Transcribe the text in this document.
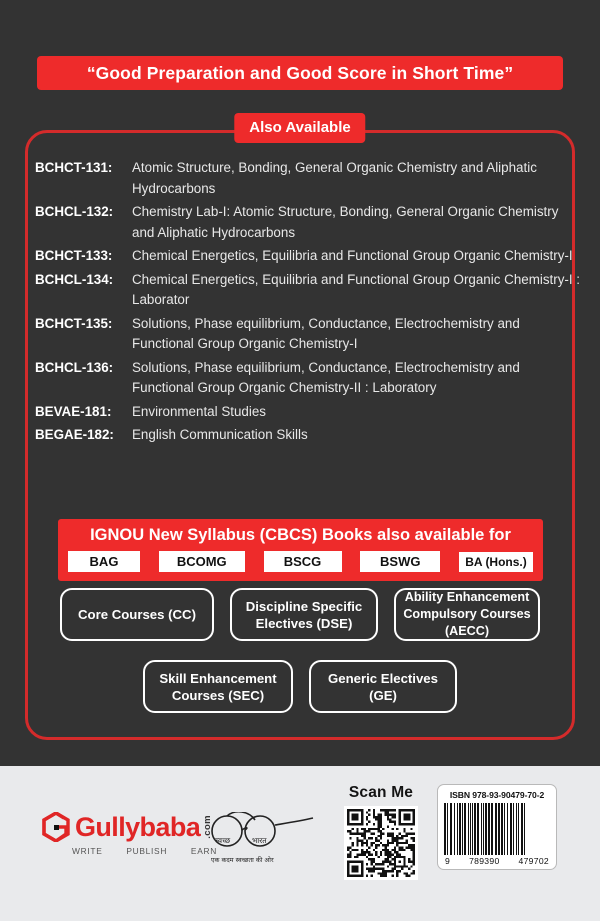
“Good Preparation and Good Score in Short Time”
Also Available
BCHCT-131:	Atomic Structure, Bonding, General Organic Chemistry and Aliphatic Hydrocarbons
BCHCL-132:	Chemistry Lab-I: Atomic Structure, Bonding, General Organic Chemistry and Aliphatic Hydrocarbons
BCHCT-133:	Chemical Energetics, Equilibria and Functional Group Organic Chemistry-I
BCHCL-134:	Chemical Energetics, Equilibria and Functional Group Organic Chemistry-I : Laborator
BCHCT-135:	Solutions, Phase equilibrium, Conductance, Electrochemistry and Functional Group Organic Chemistry-I
BCHCL-136:	Solutions, Phase equilibrium, Conductance, Electrochemistry and Functional Group Organic Chemistry-II : Laboratory
BEVAE-181:	Environmental Studies
BEGAE-182:	English Communication Skills
IGNOU New Syllabus (CBCS) Books also available for
BAG	BCOMG	BSCG	BSWG	BA (Hons.)
Core Courses (CC)
Discipline Specific Electives (DSE)
Ability Enhancement Compulsory Courses (AECC)
Skill Enhancement Courses (SEC)
Generic Electives (GE)
Gullybaba .com
WRITE	PUBLISH	EARN
स्वच्छ	भारत
एक कदम स्वच्छता की ओर
Scan Me	ISBN 978-93-90479-70-2
9 789390 479702
